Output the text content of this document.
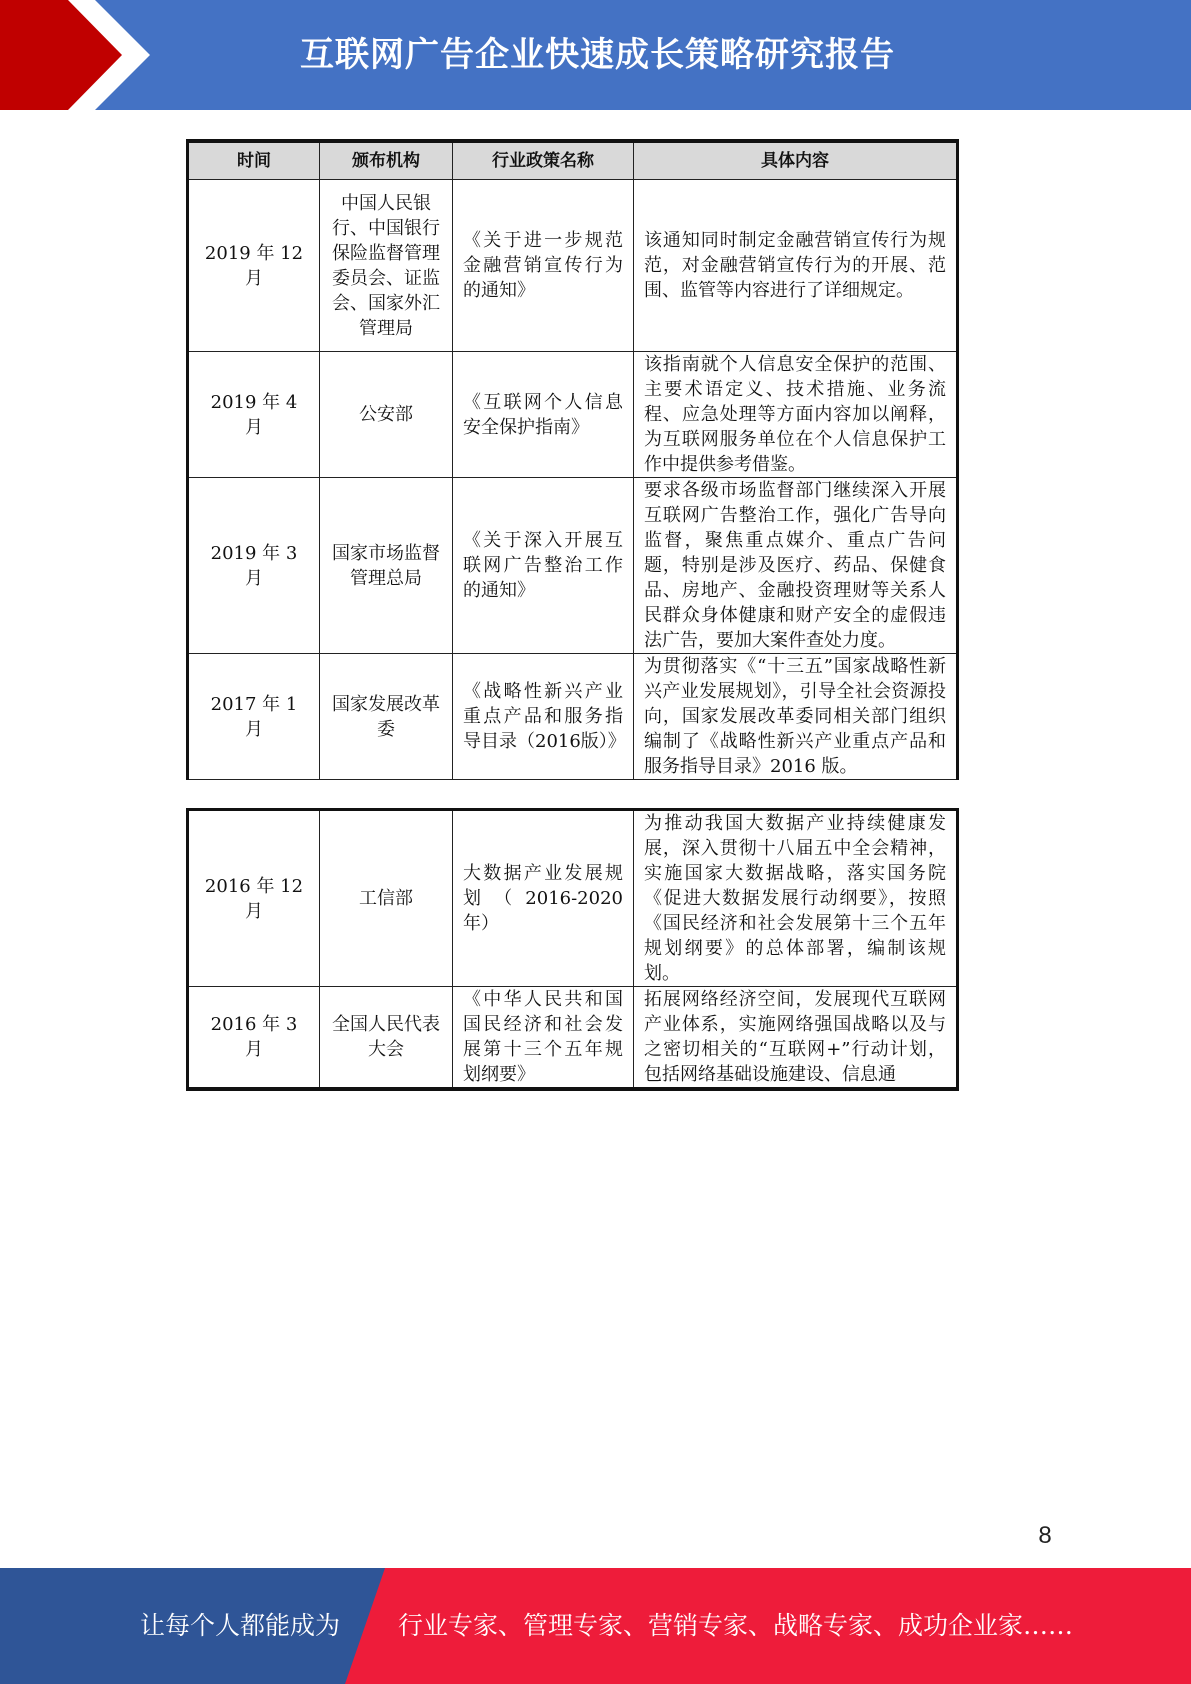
互联网广告企业快速成长策略研究报告
时间	颁布机构	行业政策名称	具体内容
2019 年 12 月	中国人民银行、中国银行保险监督管理委员会、证监会、国家外汇管理局	《关于进一步规范金融营销宣传行为的通知》	该通知同时制定金融营销宣传行为规范，对金融营销宣传行为的开展、范围、监管等内容进行了详细规定。
2019 年 4 月	公安部	《互联网个人信息安全保护指南》	该指南就个人信息安全保护的范围、主要术语定义、技术措施、业务流程、应急处理等方面内容加以阐释，为互联网服务单位在个人信息保护工作中提供参考借鉴。
2019 年 3 月	国家市场监督管理总局	《关于深入开展互联网广告整治工作的通知》	要求各级市场监督部门继续深入开展互联网广告整治工作，强化广告导向监督，聚焦重点媒介、重点广告问题，特别是涉及医疗、药品、保健食品、房地产、金融投资理财等关系人民群众身体健康和财产安全的虚假违法广告，要加大案件查处力度。
2017 年 1 月	国家发展改革委	《战略性新兴产业重点产品和服务指导目录（2016版）》	为贯彻落实《“十三五”国家战略性新兴产业发展规划》，引导全社会资源投向，国家发展改革委同相关部门组织编制了《战略性新兴产业重点产品和服务指导目录》2016 版。
2016 年 12 月	工信部	大数据产业发展规划（2016-2020 年）	为推动我国大数据产业持续健康发展，深入贯彻十八届五中全会精神，实施国家大数据战略，落实国务院《促进大数据发展行动纲要》，按照《国民经济和社会发展第十三个五年规划纲要》的总体部署，编制该规划。
2016 年 3 月	全国人民代表大会	《中华人民共和国国民经济和社会发展第十三个五年规划纲要》	拓展网络经济空间，发展现代互联网产业体系，实施网络强国战略以及与之密切相关的“互联网+”行动计划，包括网络基础设施建设、信息通
8
让每个人都能成为 行业专家、管理专家、营销专家、战略专家、成功企业家……
